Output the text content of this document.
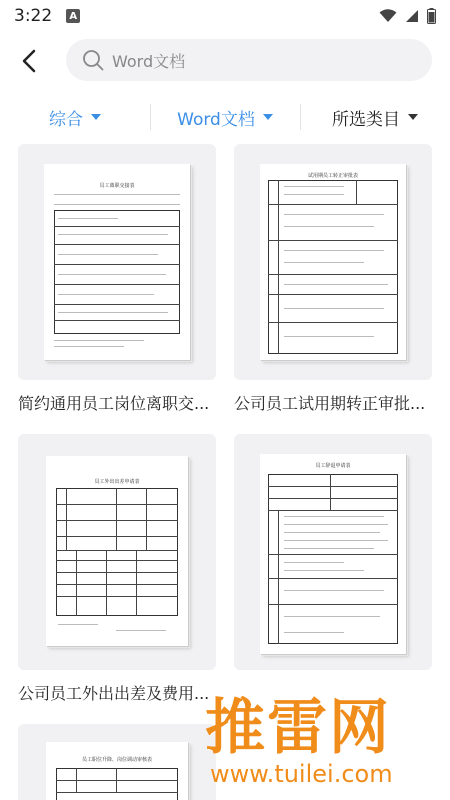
3:22	A
Word文档
综合	Word文档	所选类目
员工离职交接表
简约通用员工岗位离职交...
试用期员工转正审批表
公司员工试用期转正审批...
员工外出出差申请表
公司员工外出出差及费用...
员工辞退申请表
员工职位升降、岗位调动审核表 推雷网
www.tuilei.com
